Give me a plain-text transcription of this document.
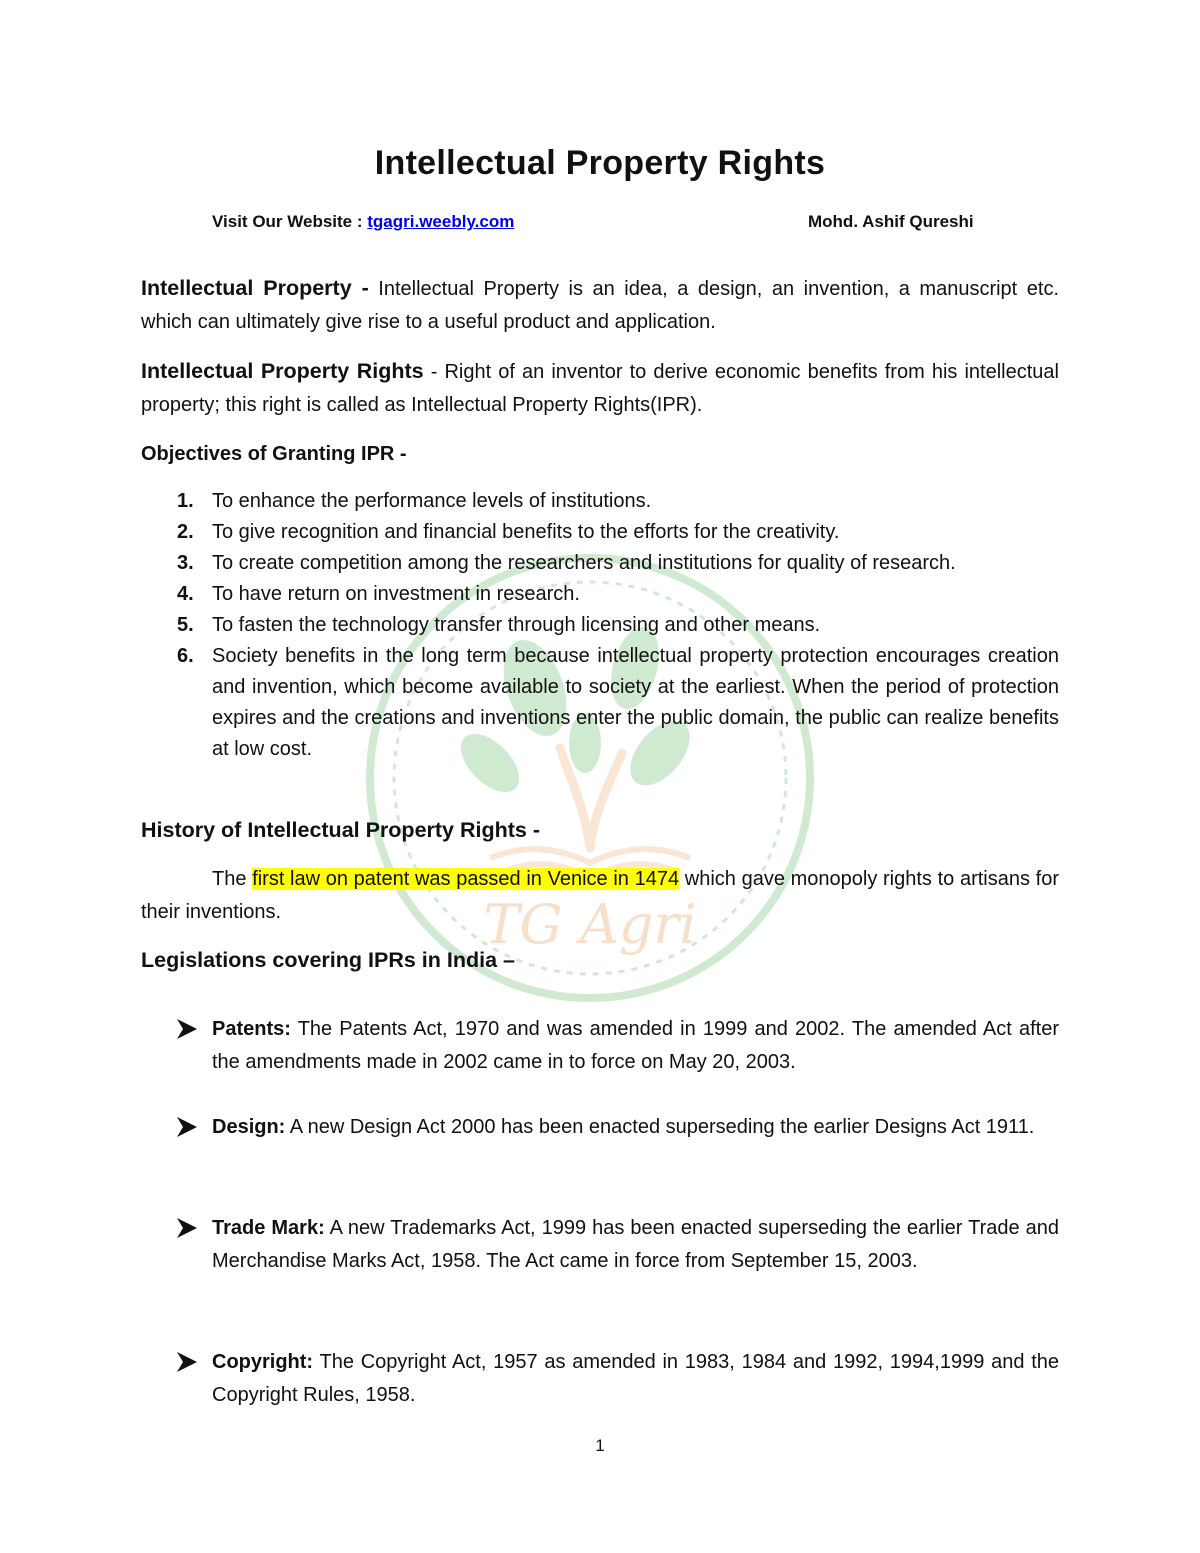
TG Agri
Intellectual Property Rights
Visit Our Website : tgagri.weebly.com	Mohd. Ashif Qureshi
Intellectual Property - Intellectual Property is an idea, a design, an invention, a manuscript etc. which can ultimately give rise to a useful product and application.
Intellectual Property Rights - Right of an inventor to derive economic benefits from his intellectual property; this right is called as Intellectual Property Rights(IPR).
Objectives of Granting IPR -
1. To enhance the performance levels of institutions.
2. To give recognition and financial benefits to the efforts for the creativity.
3. To create competition among the researchers and institutions for quality of research.
4. To have return on investment in research.
5. To fasten the technology transfer through licensing and other means.
6. Society benefits in the long term because intellectual property protection encourages creation and invention, which become available to society at the earliest. When the period of protection expires and the creations and inventions enter the public domain, the public can realize benefits at low cost.
History of Intellectual Property Rights -
The first law on patent was passed in Venice in 1474 which gave monopoly rights to artisans for their inventions.
Legislations covering IPRs in India –
Patents: The Patents Act, 1970 and was amended in 1999 and 2002. The amended Act after the amendments made in 2002 came in to force on May 20, 2003.
Design: A new Design Act 2000 has been enacted superseding the earlier Designs Act 1911.
Trade Mark: A new Trademarks Act, 1999 has been enacted superseding the earlier Trade and Merchandise Marks Act, 1958. The Act came in force from September 15, 2003.
Copyright: The Copyright Act, 1957 as amended in 1983, 1984 and 1992, 1994,1999 and the Copyright Rules, 1958.
1
